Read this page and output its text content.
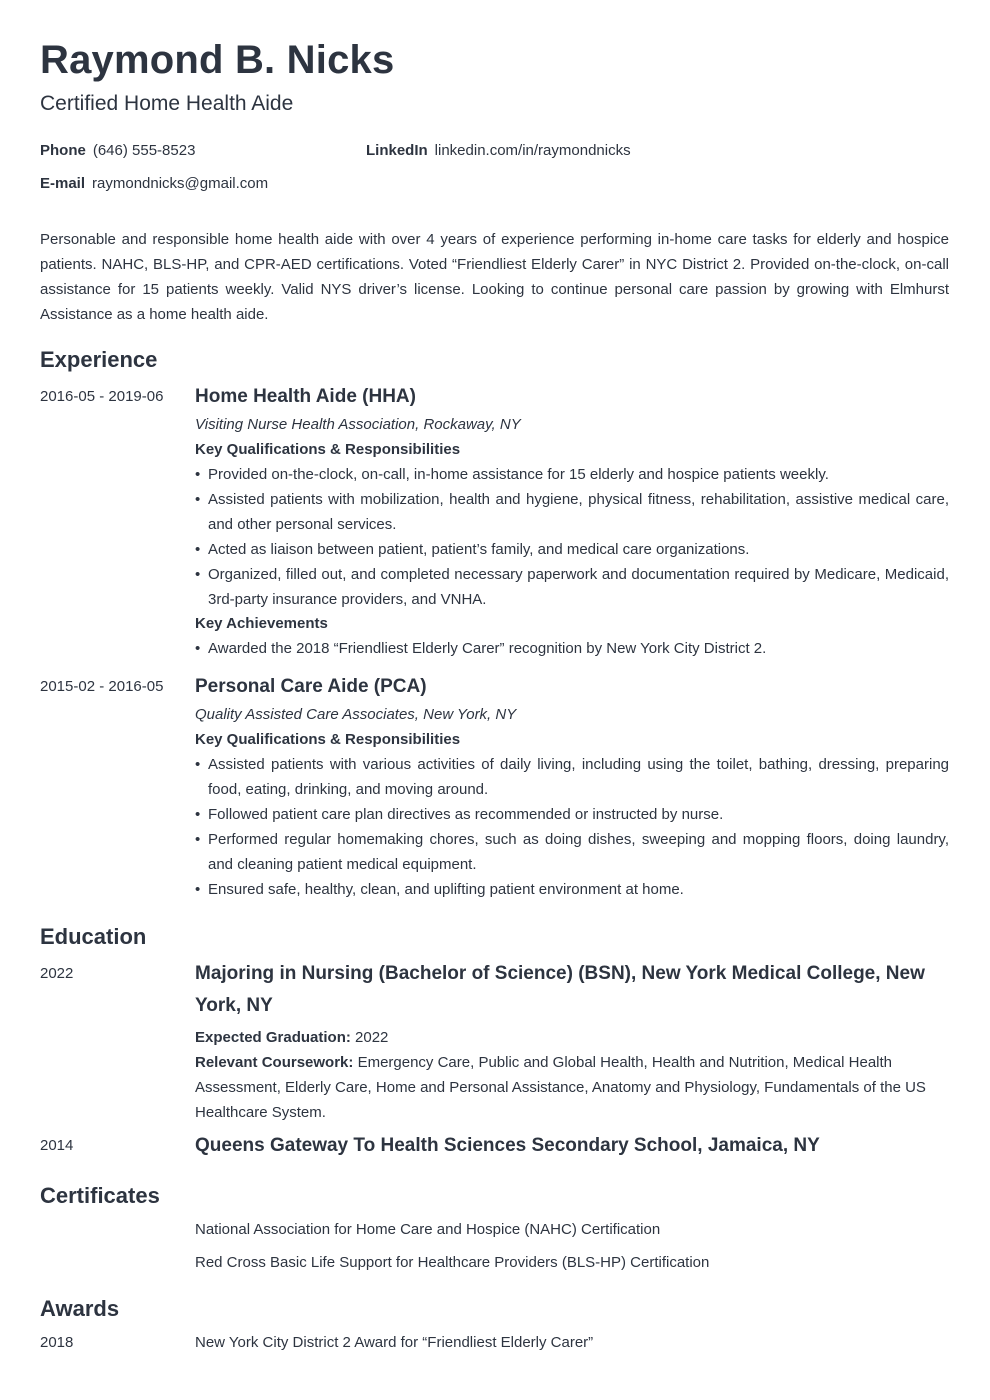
Raymond B. Nicks

Certified Home Health Aide

Phone (646) 555-8523	LinkedIn linkedin.com/in/raymondnicks
E-mail raymondnicks@gmail.com

Personable and responsible home health aide with over 4 years of experience performing in-home care tasks for elderly and hospice patients. NAHC, BLS-HP, and CPR-AED certifications. Voted “Friendliest Elderly Carer” in NYC District 2. Provided on-the-clock, on-call assistance for 15 patients weekly. Valid NYS driver’s license. Looking to continue personal care passion by growing with Elmhurst Assistance as a home health aide.

Experience
2016-05 - 2019-06 Home Health Aide (HHA)

Visiting Nurse Health Association, Rockaway, NY

Key Qualifications & Responsibilities

• Provided on-the-clock, on-call, in-home assistance for 15 elderly and hospice patients weekly.
• Assisted patients with mobilization, health and hygiene, physical fitness, rehabilitation, assistive medical care, and other personal services.
• Acted as liaison between patient, patient’s family, and medical care organizations.
• Organized, filled out, and completed necessary paperwork and documentation required by Medicare, Medicaid, 3rd-party insurance providers, and VNHA.

Key Achievements

• Awarded the 2018 “Friendliest Elderly Carer” recognition by New York City District 2.
2015-02 - 2016-05 Personal Care Aide (PCA)

Quality Assisted Care Associates, New York, NY

Key Qualifications & Responsibilities

• Assisted patients with various activities of daily living, including using the toilet, bathing, dressing, preparing food, eating, drinking, and moving around.
• Followed patient care plan directives as recommended or instructed by nurse.
• Performed regular homemaking chores, such as doing dishes, sweeping and mopping floors, doing laundry, and cleaning patient medical equipment.
• Ensured safe, healthy, clean, and uplifting patient environment at home.
Education
2022	Majoring in Nursing (Bachelor of Science) (BSN), New York Medical College, New York, NY

Expected Graduation: 2022

Relevant Coursework: Emergency Care, Public and Global Health, Health and Nutrition, Medical Health Assessment, Elderly Care, Home and Personal Assistance, Anatomy and Physiology, Fundamentals of the US Healthcare System.

2014	Queens Gateway To Health Sciences Secondary School, Jamaica, NY
Certificates
National Association for Home Care and Hospice (NAHC) Certification
Red Cross Basic Life Support for Healthcare Providers (BLS-HP) Certification
Awards
2018	New York City District 2 Award for “Friendliest Elderly Carer”
